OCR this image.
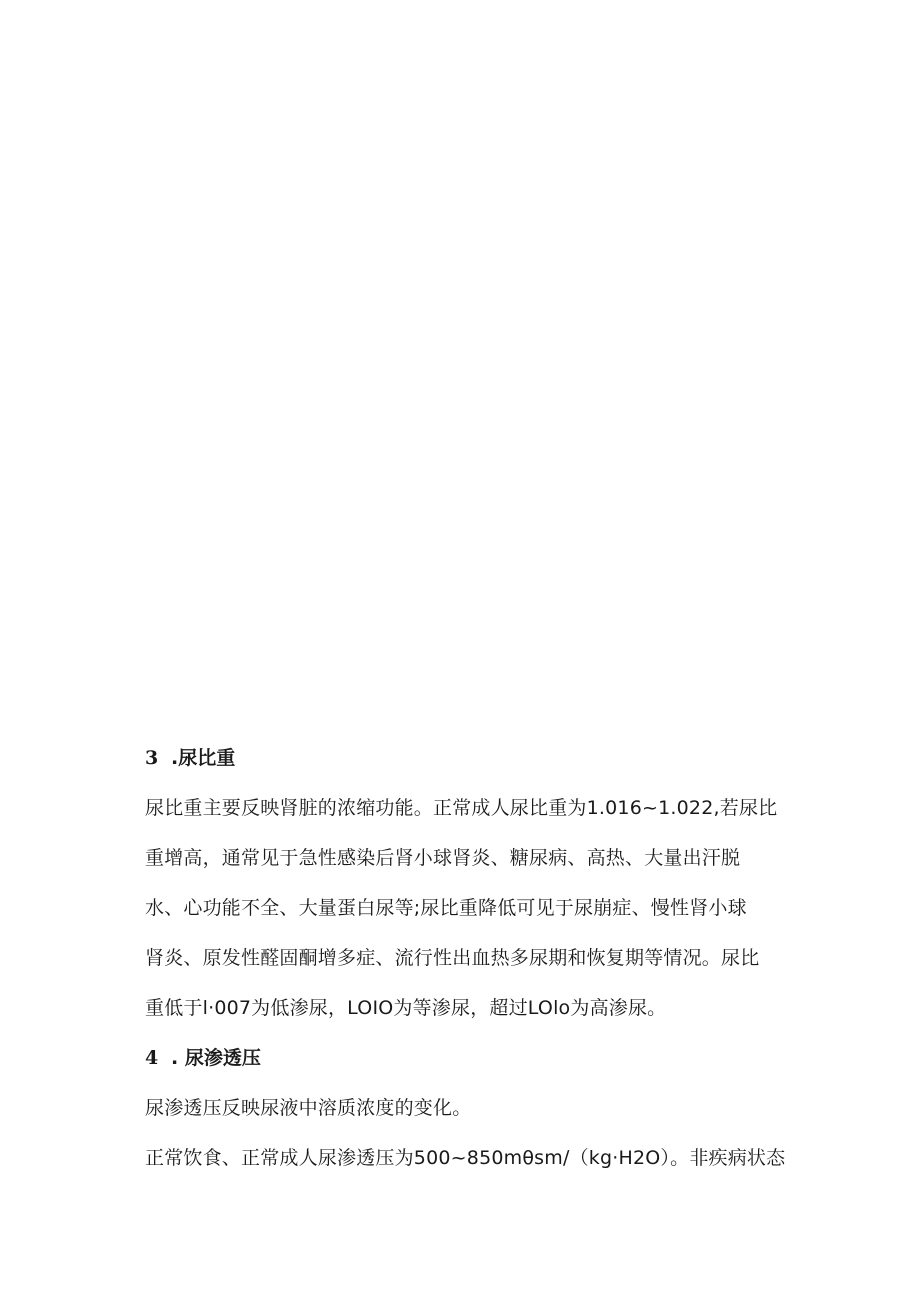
3 .尿比重

尿比重主要反映肾脏的浓缩功能。正常成人尿比重为1.016~1.022,若尿比

重增高，通常见于急性感染后肾小球肾炎、糖尿病、高热、大量出汗脱

水、心功能不全、大量蛋白尿等;尿比重降低可见于尿崩症、慢性肾小球

肾炎、原发性醛固酮增多症、流行性出血热多尿期和恢复期等情况。尿比

重低于l·007为低渗尿，LOIO为等渗尿，超过LOlo为高渗尿。

4 . 尿渗透压

尿渗透压反映尿液中溶质浓度的变化。

正常饮食、正常成人尿渗透压为500~850mθsm∕（kg·H2O）。非疾病状态
